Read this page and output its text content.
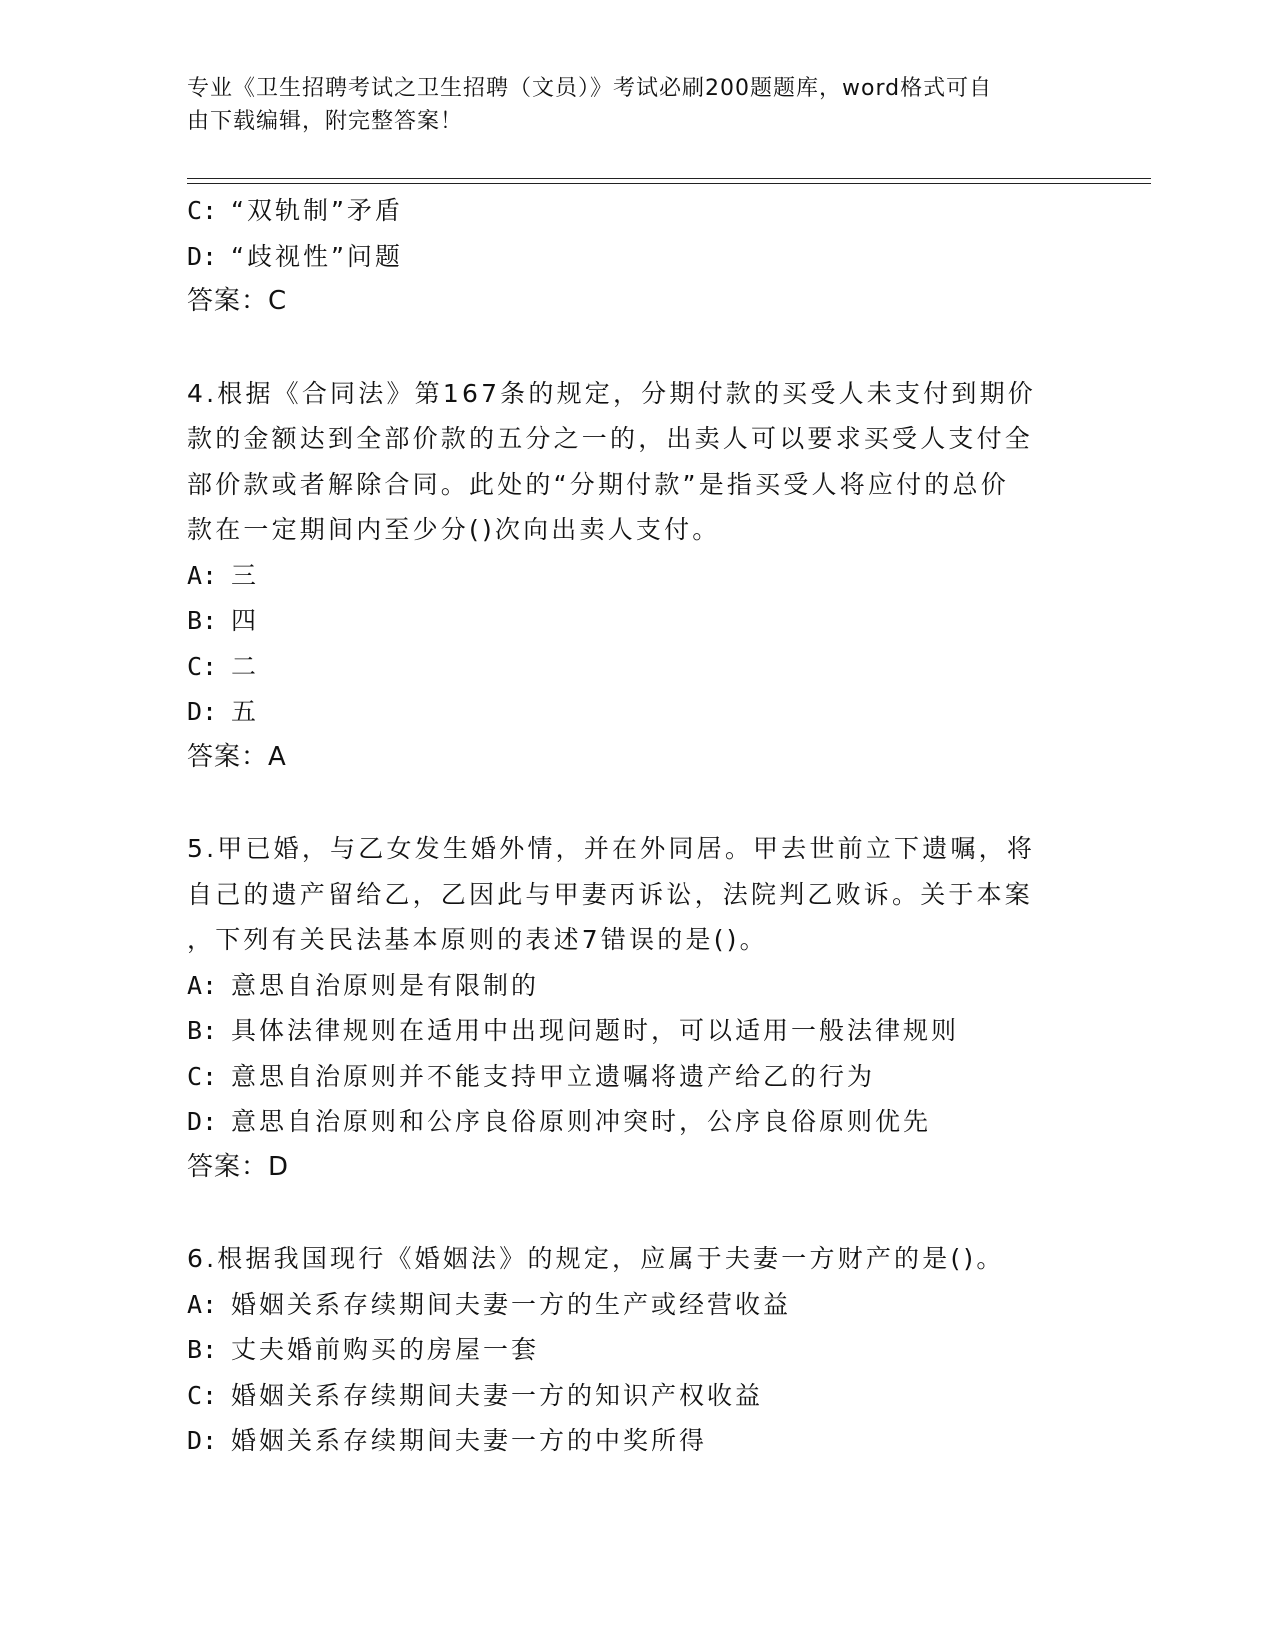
专业《卫生招聘考试之卫生招聘（文员）》考试必刷200题题库，word格式可自
由下载编辑，附完整答案！
C: “双轨制”矛盾
D: “歧视性”问题
答案：C
4.根据《合同法》第167条的规定，分期付款的买受人未支付到期价
款的金额达到全部价款的五分之一的，出卖人可以要求买受人支付全
部价款或者解除合同。此处的“分期付款”是指买受人将应付的总价
款在一定期间内至少分()次向出卖人支付。
A: 三
B: 四
C: 二
D: 五
答案：A
5.甲已婚，与乙女发生婚外情，并在外同居。甲去世前立下遗嘱，将
自己的遗产留给乙，乙因此与甲妻丙诉讼，法院判乙败诉。关于本案
，下列有关民法基本原则的表述7错误的是()。
A: 意思自治原则是有限制的
B: 具体法律规则在适用中出现问题时，可以适用一般法律规则
C: 意思自治原则并不能支持甲立遗嘱将遗产给乙的行为
D: 意思自治原则和公序良俗原则冲突时，公序良俗原则优先
答案：D
6.根据我国现行《婚姻法》的规定，应属于夫妻一方财产的是()。
A: 婚姻关系存续期间夫妻一方的生产或经营收益
B: 丈夫婚前购买的房屋一套
C: 婚姻关系存续期间夫妻一方的知识产权收益
D: 婚姻关系存续期间夫妻一方的中奖所得
